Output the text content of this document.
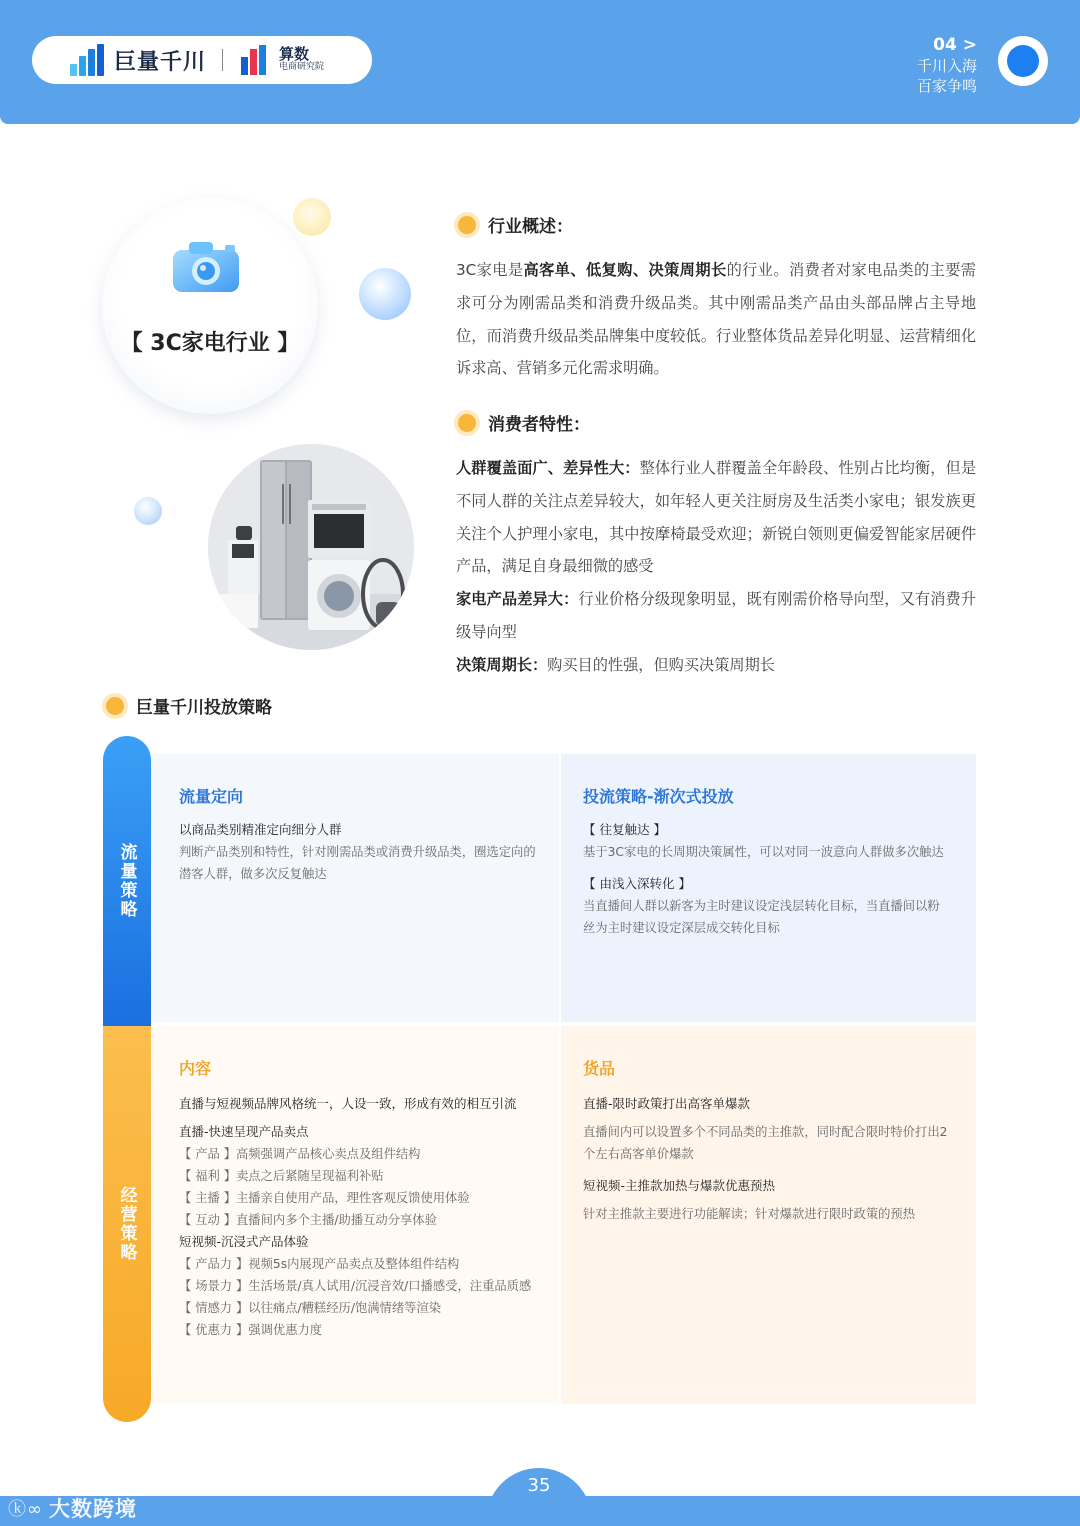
巨量千川	算数
电商研究院
04 >
千川入海
百家争鸣
【 3C家电行业 】
行业概述：

3C家电是高客单、低复购、决策周期长的行业。消费者对家电品类的主要需求可分为刚需品类和消费升级品类。其中刚需品类产品由头部品牌占主导地位，而消费升级品类品牌集中度较低。行业整体货品差异化明显、运营精细化诉求高、营销多元化需求明确。

消费者特性：

人群覆盖面广、差异性大：整体行业人群覆盖全年龄段、性别占比均衡，但是不同人群的关注点差异较大，如年轻人更关注厨房及生活类小家电；银发族更关注个人护理小家电，其中按摩椅最受欢迎；新锐白领则更偏爱智能家居硬件产品，满足自身最细微的感受
家电产品差异大：行业价格分级现象明显，既有刚需价格导向型，又有消费升级导向型
决策周期长：购买目的性强，但购买决策周期长

巨量千川投放策略
流量策略
经营策略
流量定向
以商品类别精准定向细分人群
判断产品类别和特性，针对刚需品类或消费升级品类，圈选定向的潜客人群，做多次反复触达
投流策略-渐次式投放
【 往复触达 】
基于3C家电的长周期决策属性，可以对同一波意向人群做多次触达
【 由浅入深转化 】
当直播间人群以新客为主时建议设定浅层转化目标，当直播间以粉丝为主时建议设定深层成交转化目标
内容
直播与短视频品牌风格统一，人设一致，形成有效的相互引流
直播-快速呈现产品卖点
【 产品 】高频强调产品核心卖点及组件结构
【 福利 】卖点之后紧随呈现福利补贴
【 主播 】主播亲自使用产品，理性客观反馈使用体验
【 互动 】直播间内多个主播/助播互动分享体验
短视频-沉浸式产品体验
【 产品力 】视频5s内展现产品卖点及整体组件结构
【 场景力 】生活场景/真人试用/沉浸音效/口播感受，注重品质感
【 情感力 】以往痛点/糟糕经历/饱满情绪等渲染
【 优惠力 】强调优惠力度
货品
直播-限时政策打出高客单爆款
直播间内可以设置多个不同品类的主推款，同时配合限时特价打出2个左右高客单价爆款
短视频-主推款加热与爆款优惠预热
针对主推款主要进行功能解读；针对爆款进行限时政策的预热
35
ⓚ∞ 大数跨境
